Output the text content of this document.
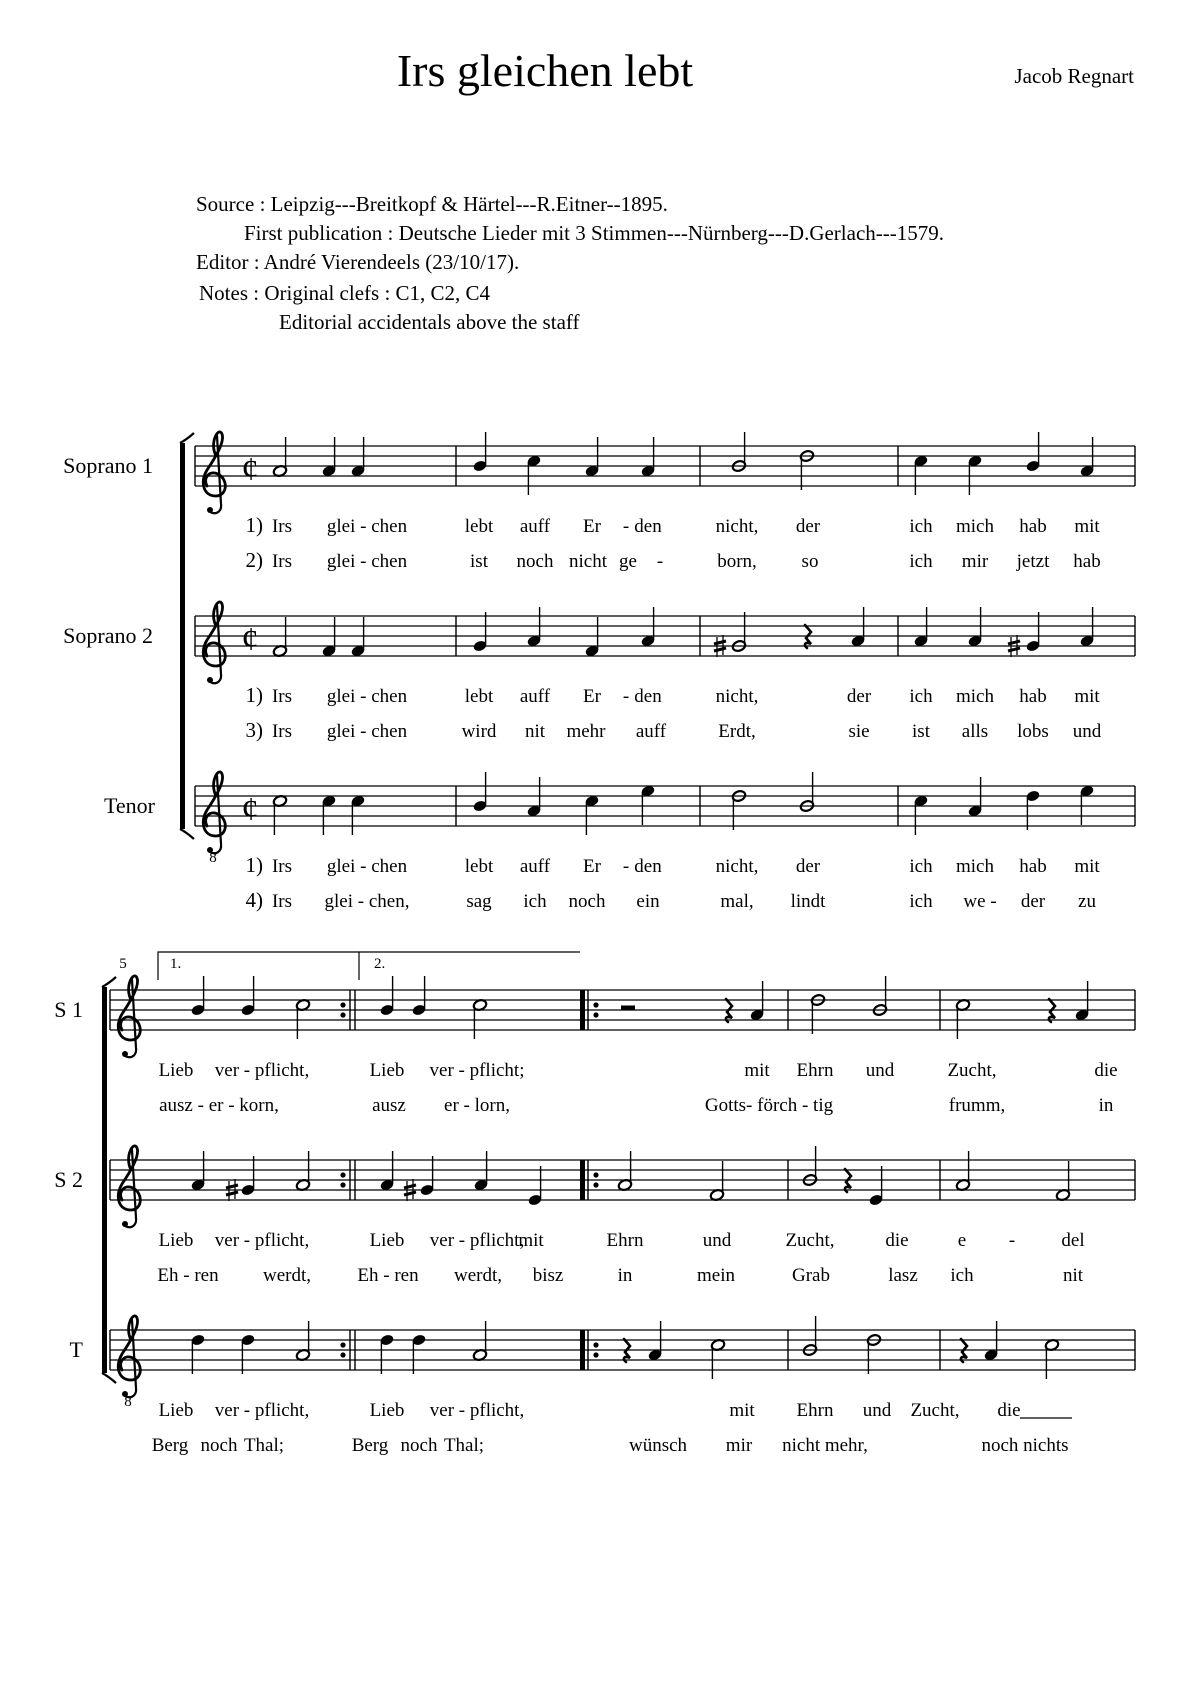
Irs gleichen lebt	Jacob Regnart
Source : Leipzig---Breitkopf & Härtel---R.Eitner--1895.
First publication : Deutsche Lieder mit 3 Stimmen---Nürnberg---D.Gerlach---1579.
Editor : André Vierendeels (23/10/17).
Notes : Original clefs : C1, C2, C4
Editorial accidentals above the staff
¢
¢
¢
8
Soprano 1
Soprano 2
Tenor
1) Irs glei - chen	lebt auff Er - den	nicht, der	ich mich hab mit
2) Irs glei - chen	ist noch nicht ge -	born, so	ich mir jetzt hab
1) Irs glei - chen	lebt auff Er - den	nicht,	der ich mich hab mit
3) Irs glei - chen	wird nit mehr auff	Erdt,	sie ist alls lobs und
1) Irs glei - chen	lebt auff Er - den	nicht, der	ich mich hab mit
4) Irs glei - chen,	sag ich noch ein	mal, lindt	ich we - der zu
8
5	1.	2.
S 1
S 2
T
Lieb ver - pflicht,	Lieb ver - pflicht;	mit Ehrn und	Zucht,	die
ausz - er - korn,	ausz er - lorn,	Gotts- förch - tig	frumm,	in
Lieb ver - pflicht,	Lieb ver - pflicht,
mit	Ehrn	und	Zucht,	die	e - del
Eh - ren werdt, Eh - ren werdt, bisz	in	mein	Grab	lasz ich	nit
Lieb ver - pflicht,	Lieb ver - pflicht,	mit Ehrn und Zucht, die
Berg noch Thal;	Berg noch Thal;	wünsch mir nicht mehr,	noch nichts
